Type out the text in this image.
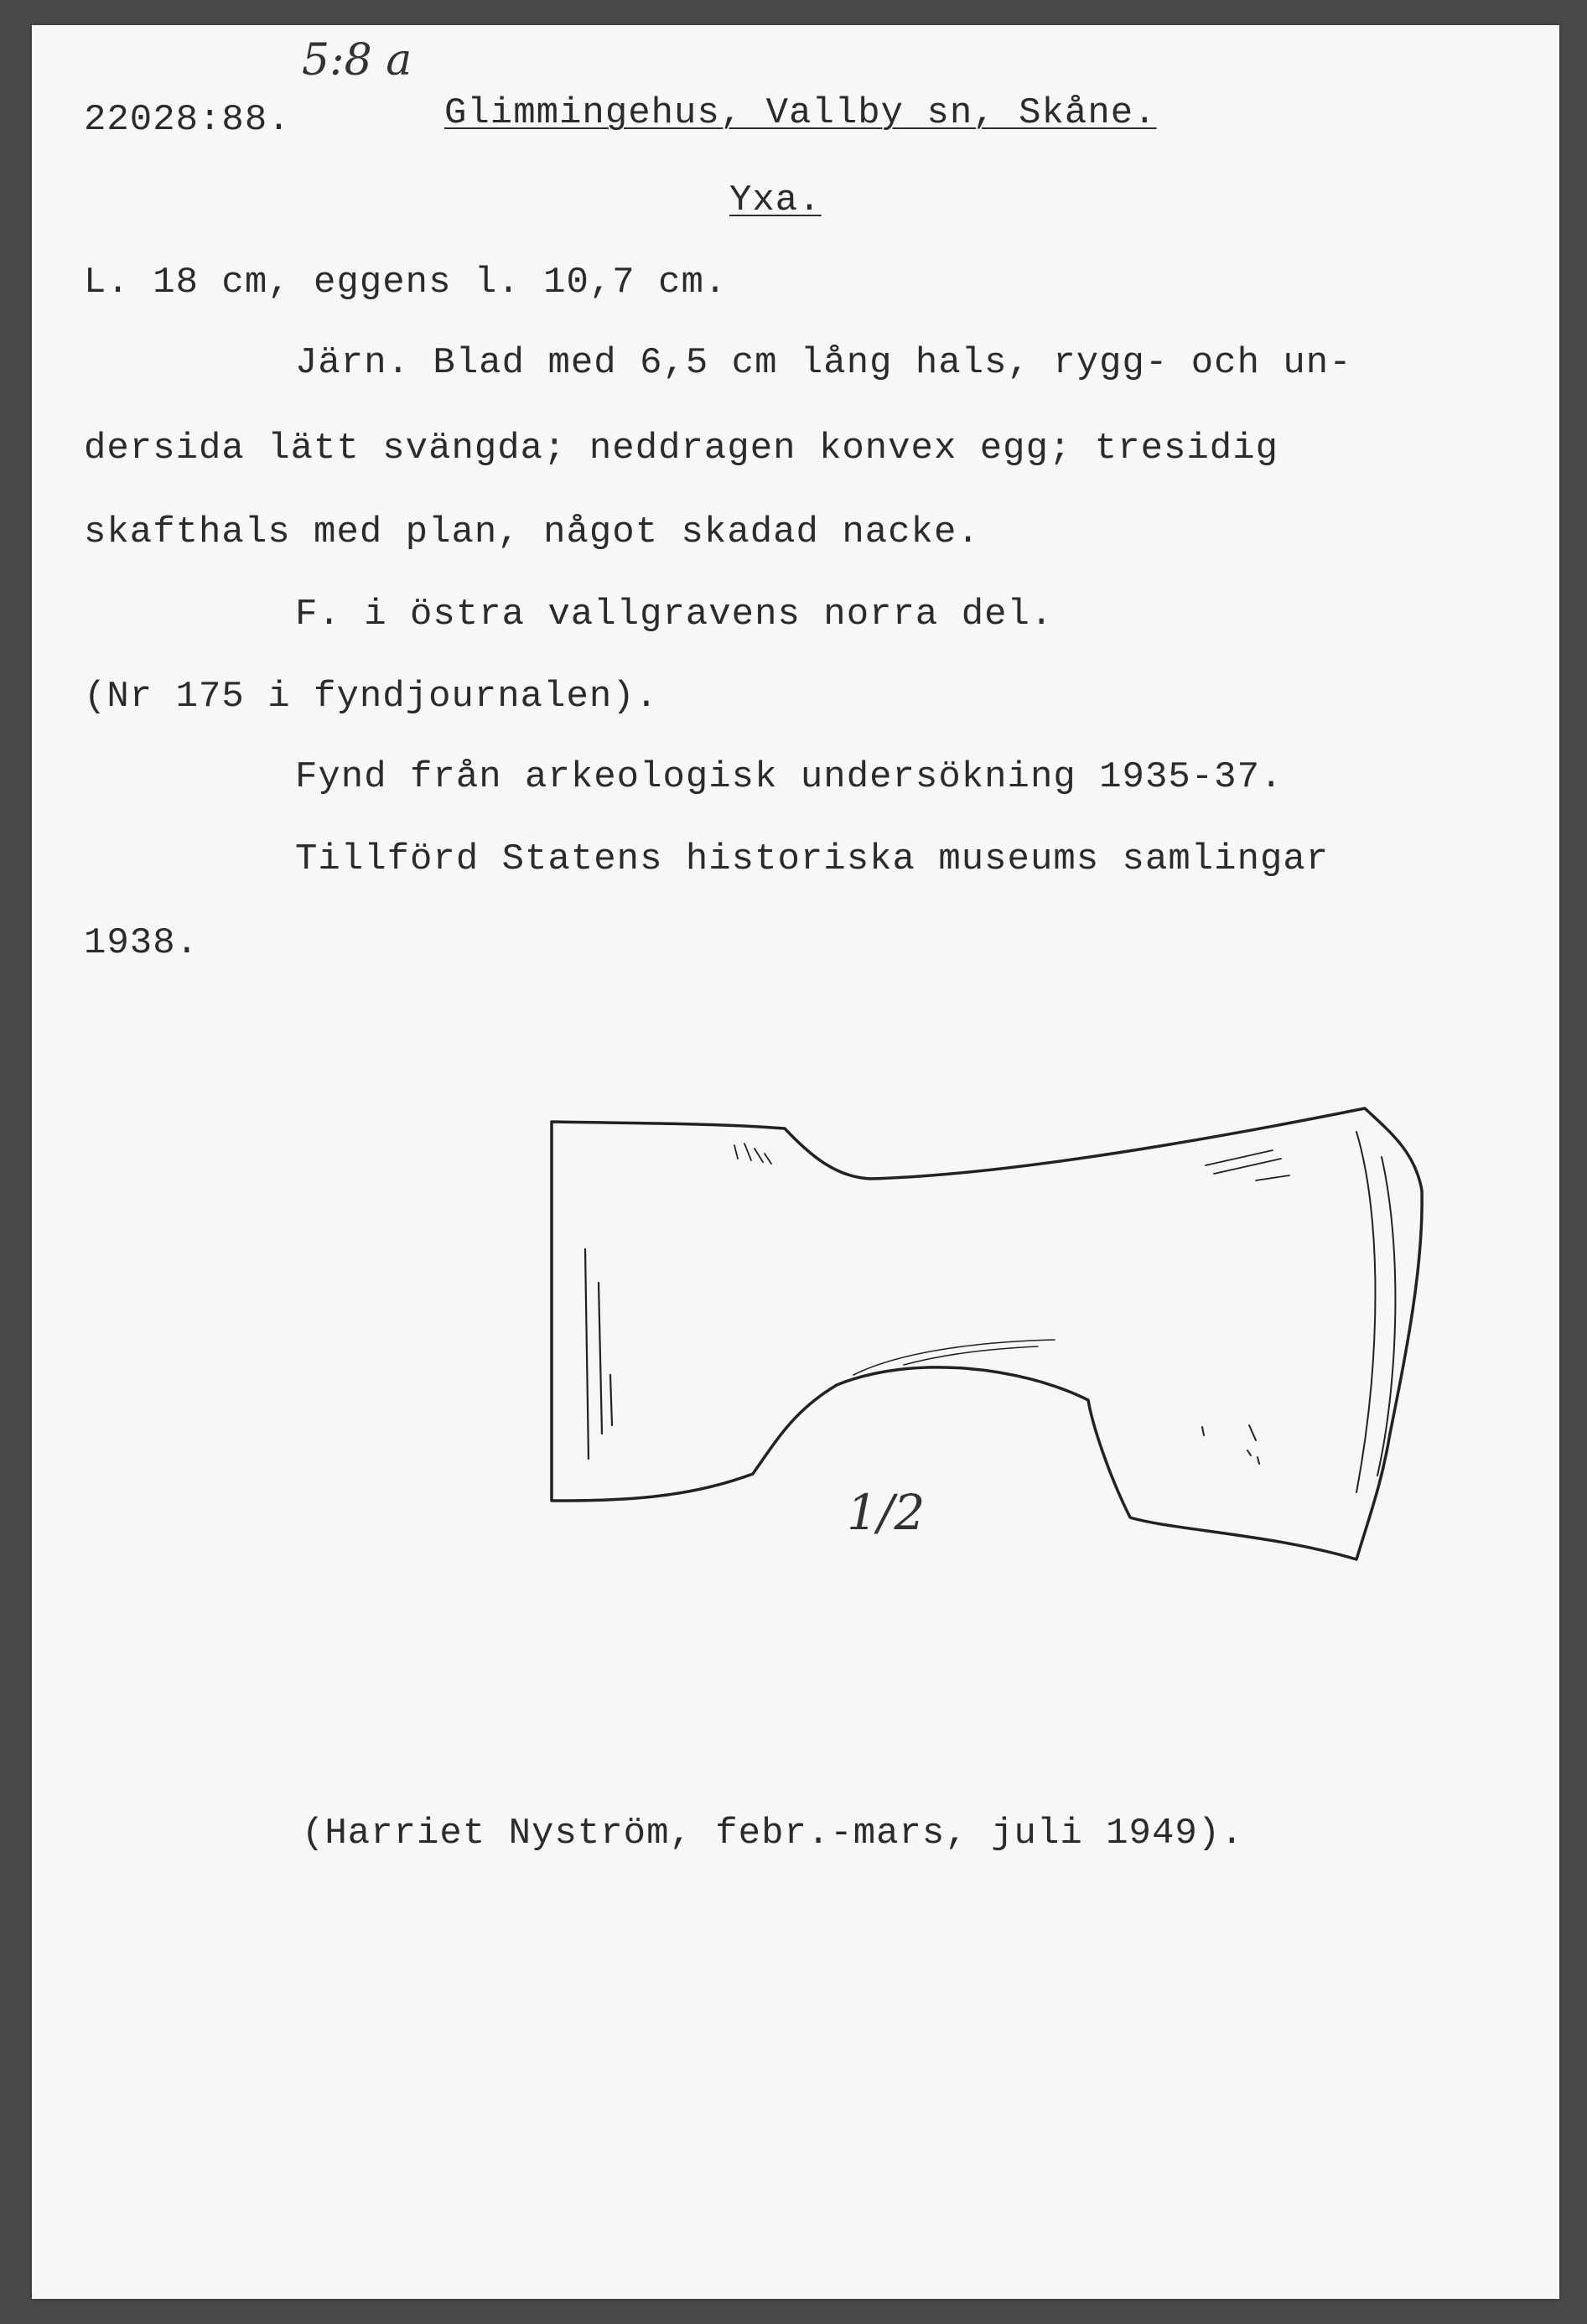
5:8 a
22028:88.	Glimmingehus, Vallby sn, Skåne.
Yxa.
L. 18 cm, eggens l. 10,7 cm.
Järn. Blad med 6,5 cm lång hals, rygg- och un-
dersida lätt svängda; neddragen konvex egg; tresidig
skafthals med plan, något skadad nacke.
F. i östra vallgravens norra del.
(Nr 175 i fyndjournalen).
Fynd från arkeologisk undersökning 1935-37.
Tillförd Statens historiska museums samlingar
1938.
1/2
(Harriet Nyström, febr.-mars, juli 1949).
